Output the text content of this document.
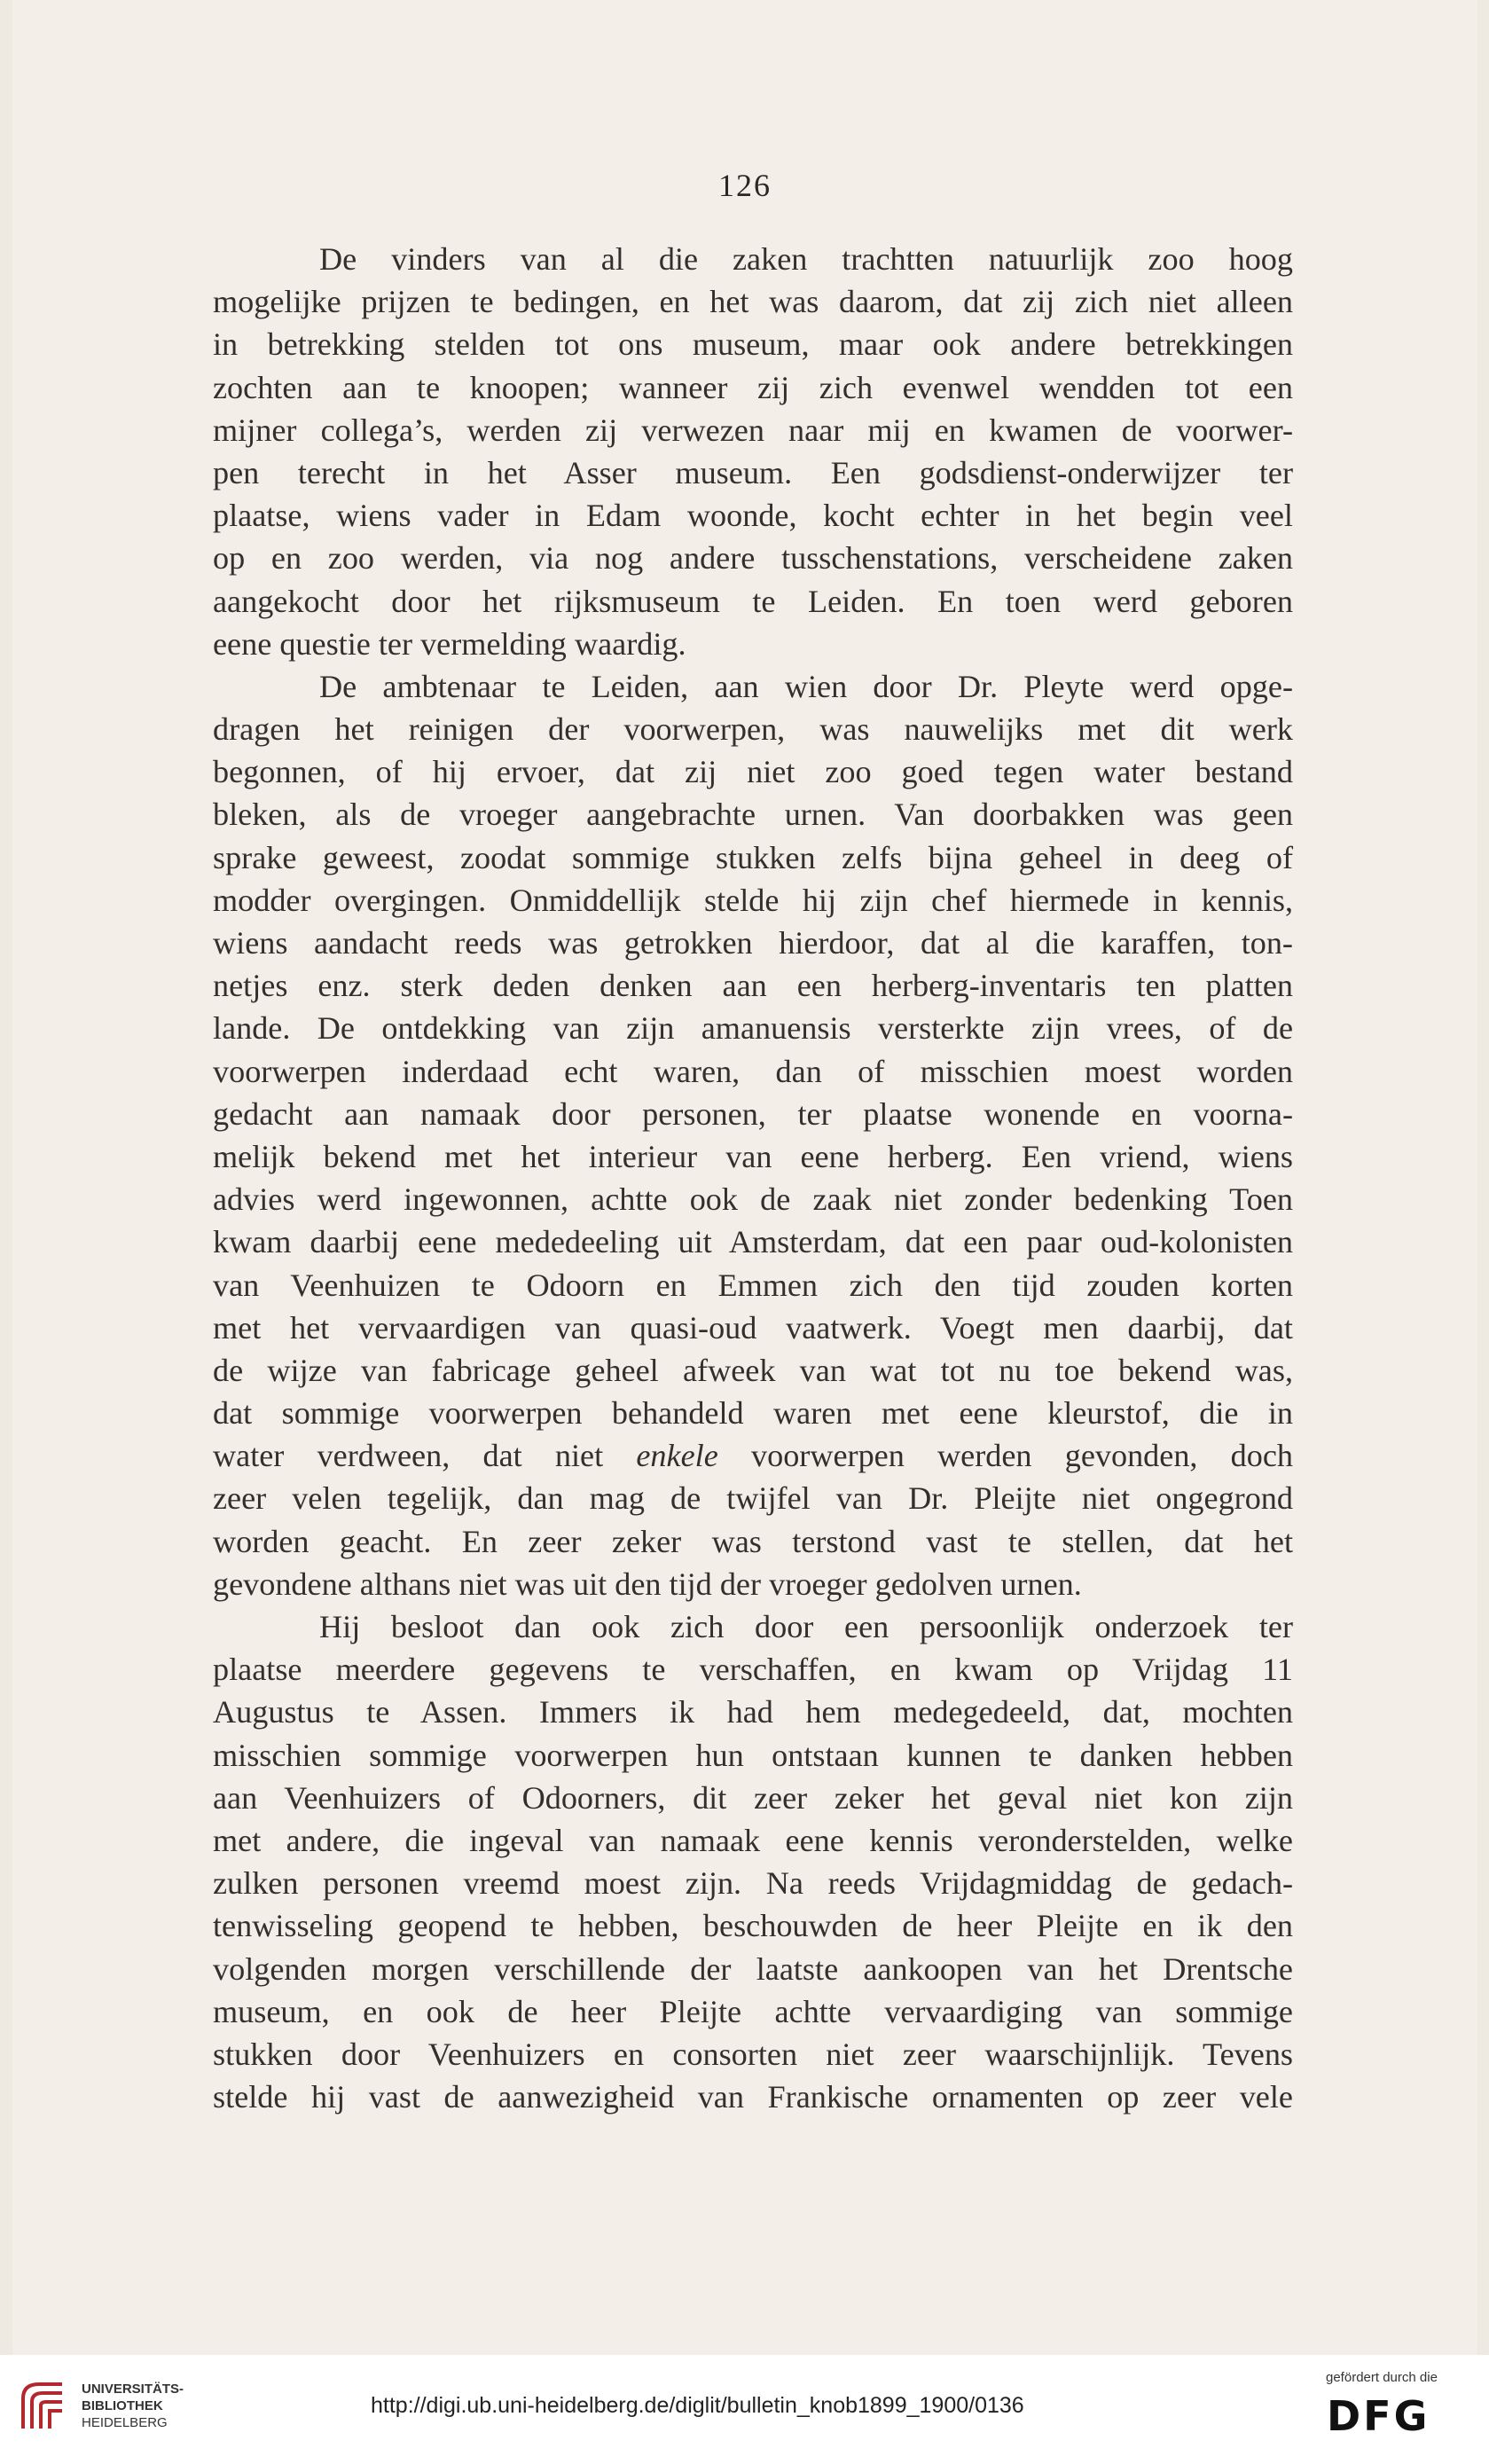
126
De vinders van al die zaken trachtten natuurlijk zoo hoog
mogelijke prijzen te bedingen, en het was daarom, dat zij zich niet alleen
in betrekking stelden tot ons museum, maar ook andere betrekkingen
zochten aan te knoopen; wanneer zij zich evenwel wendden tot een
mijner collega’s, werden zij verwezen naar mij en kwamen de voorwer-
pen terecht in het Asser museum. Een godsdienst-onderwijzer ter
plaatse, wiens vader in Edam woonde, kocht echter in het begin veel
op en zoo werden, via nog andere tusschenstations, verscheidene zaken
aangekocht door het rijksmuseum te Leiden. En toen werd geboren
eene questie ter vermelding waardig.
De ambtenaar te Leiden, aan wien door Dr. Pleyte werd opge-
dragen het reinigen der voorwerpen, was nauwelijks met dit werk
begonnen, of hij ervoer, dat zij niet zoo goed tegen water bestand
bleken, als de vroeger aangebrachte urnen. Van doorbakken was geen
sprake geweest, zoodat sommige stukken zelfs bijna geheel in deeg of
modder overgingen. Onmiddellijk stelde hij zijn chef hiermede in kennis,
wiens aandacht reeds was getrokken hierdoor, dat al die karaffen, ton-
netjes enz. sterk deden denken aan een herberg-inventaris ten platten
lande. De ontdekking van zijn amanuensis versterkte zijn vrees, of de
voorwerpen inderdaad echt waren, dan of misschien moest worden
gedacht aan namaak door personen, ter plaatse wonende en voorna-
melijk bekend met het interieur van eene herberg. Een vriend, wiens
advies werd ingewonnen, achtte ook de zaak niet zonder bedenking Toen
kwam daarbij eene mededeeling uit Amsterdam, dat een paar oud-kolonisten
van Veenhuizen te Odoorn en Emmen zich den tijd zouden korten
met het vervaardigen van quasi-oud vaatwerk. Voegt men daarbij, dat
de wijze van fabricage geheel afweek van wat tot nu toe bekend was,
dat sommige voorwerpen behandeld waren met eene kleurstof, die in
water verdween, dat niet enkele voorwerpen werden gevonden, doch
zeer velen tegelijk, dan mag de twijfel van Dr. Pleijte niet ongegrond
worden geacht. En zeer zeker was terstond vast te stellen, dat het
gevondene althans niet was uit den tijd der vroeger gedolven urnen.
Hij besloot dan ook zich door een persoonlijk onderzoek ter
plaatse meerdere gegevens te verschaffen, en kwam op Vrijdag 11
Augustus te Assen. Immers ik had hem medegedeeld, dat, mochten
misschien sommige voorwerpen hun ontstaan kunnen te danken hebben
aan Veenhuizers of Odoorners, dit zeer zeker het geval niet kon zijn
met andere, die ingeval van namaak eene kennis veronderstelden, welke
zulken personen vreemd moest zijn. Na reeds Vrijdagmiddag de gedach-
tenwisseling geopend te hebben, beschouwden de heer Pleijte en ik den
volgenden morgen verschillende der laatste aankoopen van het Drentsche
museum, en ook de heer Pleijte achtte vervaardiging van sommige
stukken door Veenhuizers en consorten niet zeer waarschijnlijk. Tevens
stelde hij vast de aanwezigheid van Frankische ornamenten op zeer vele
UNIVERSITÄTS-
BIBLIOTHEK
HEIDELBERG
http://digi.ub.uni-heidelberg.de/diglit/bulletin_knob1899_1900/0136
gefördert durch die
DFG
